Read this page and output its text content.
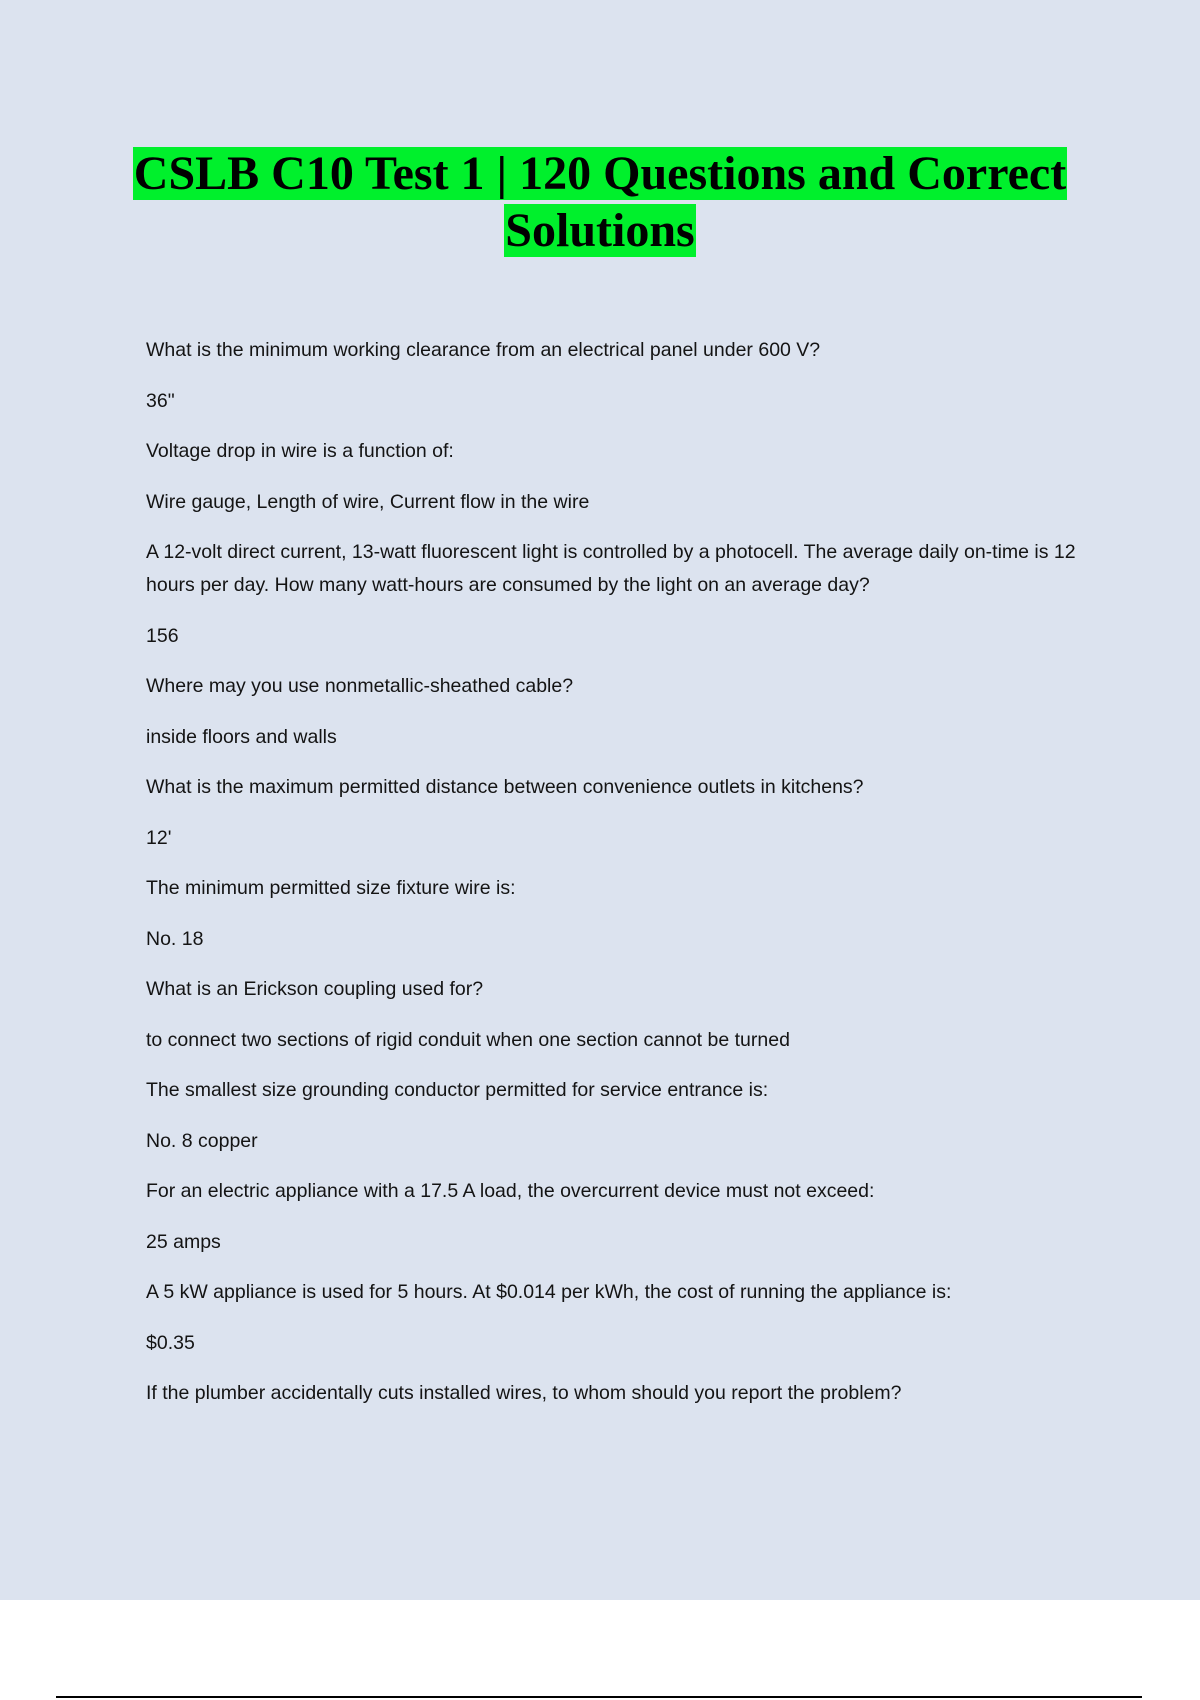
CSLB C10 Test 1 | 120 Questions and Correct
Solutions

What is the minimum working clearance from an electrical panel under 600 V?

36"

Voltage drop in wire is a function of:

Wire gauge, Length of wire, Current flow in the wire

A 12-volt direct current, 13-watt fluorescent light is controlled by a photocell. The average daily on-time is 12 hours per day. How many watt-hours are consumed by the light on an average day?

156

Where may you use nonmetallic-sheathed cable?

inside floors and walls

What is the maximum permitted distance between convenience outlets in kitchens?

12'

The minimum permitted size fixture wire is:

No. 18

What is an Erickson coupling used for?

to connect two sections of rigid conduit when one section cannot be turned

The smallest size grounding conductor permitted for service entrance is:

No. 8 copper

For an electric appliance with a 17.5 A load, the overcurrent device must not exceed:

25 amps

A 5 kW appliance is used for 5 hours. At $0.014 per kWh, the cost of running the appliance is:

$0.35

If the plumber accidentally cuts installed wires, to whom should you report the problem?
